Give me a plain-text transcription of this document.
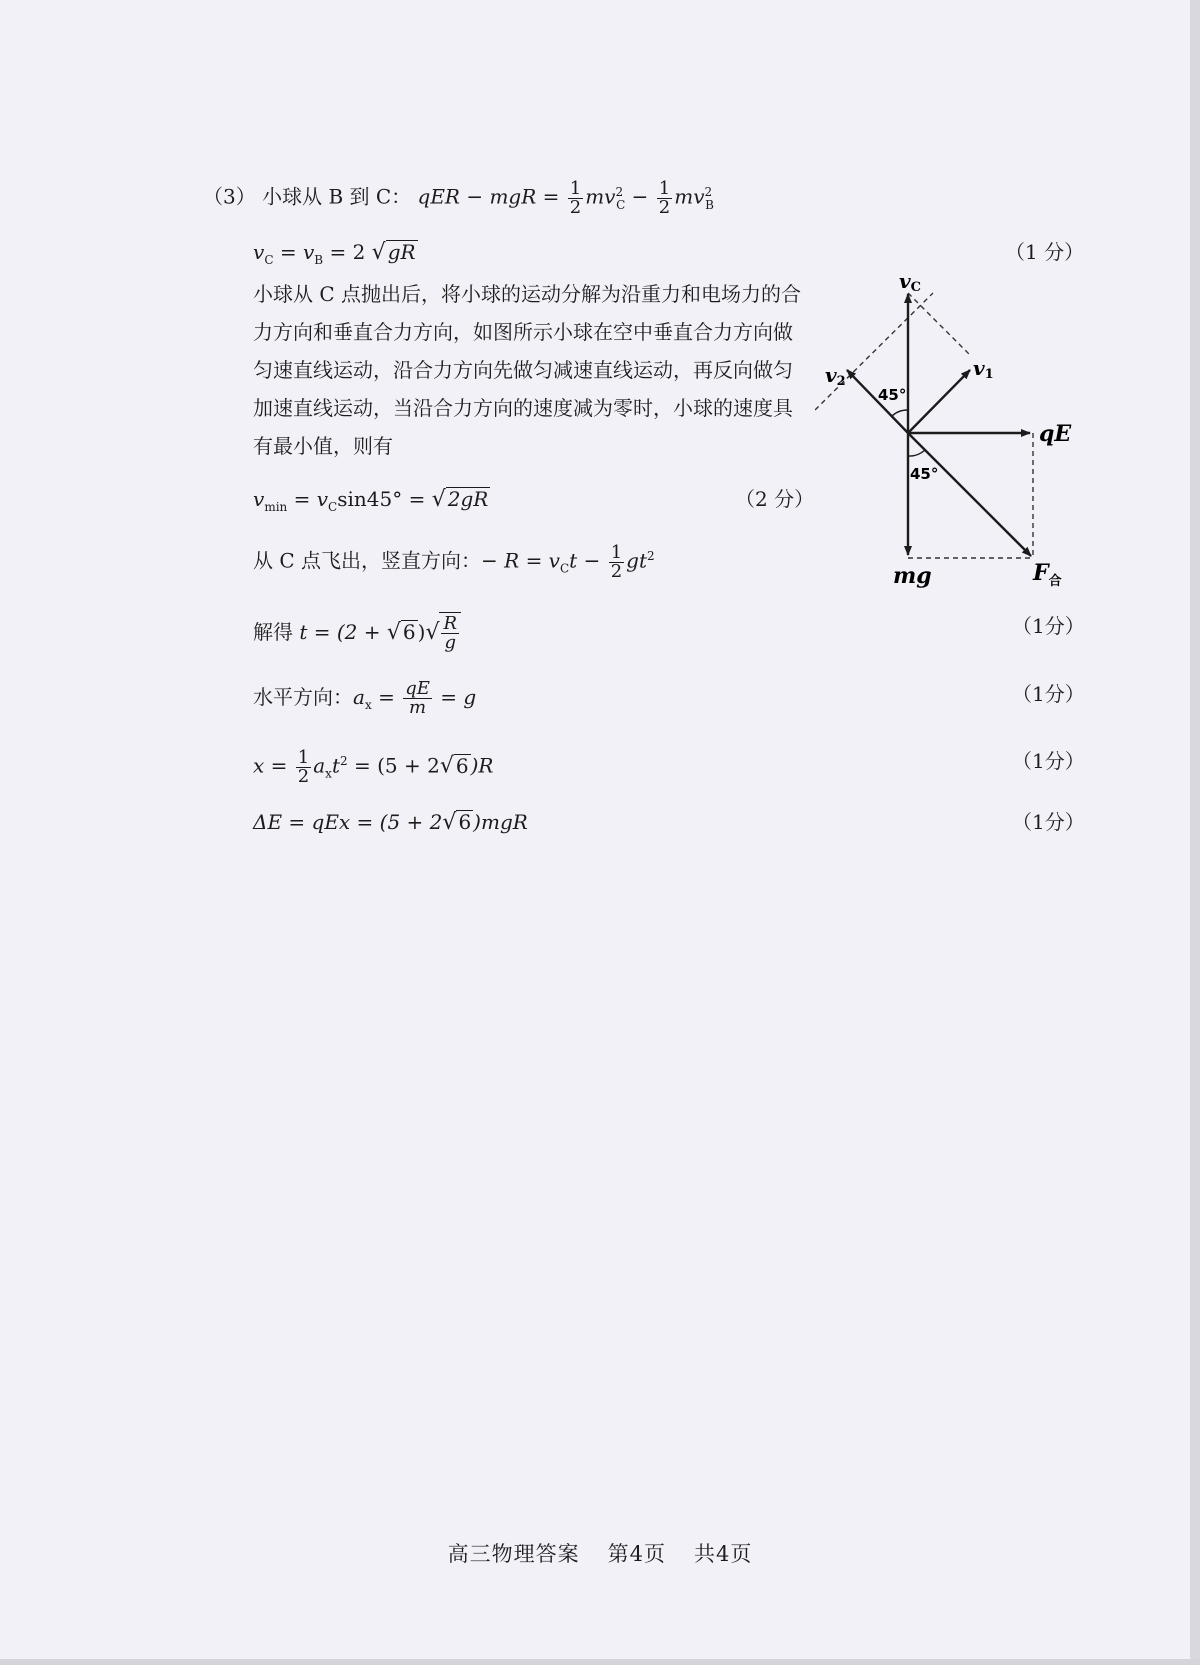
（3） 小球从 B 到 C： qER − mgR = $\frac{1}{2} mv^2_C - \frac{1}{2} mv^2_B$
$v_C = v_B = 2$ √ gR	（1 分）
小球从 C 点抛出后，将小球的运动分解为沿重力和电场力的合力方向和垂直合力方向，如图所示小球在空中垂直合力方向做匀速直线运动，沿合力方向先做匀减速直线运动，再反向做匀加速直线运动，当沿合力方向的速度减为零时，小球的速度具有最小值，则有
$v_{min} = v_C\sin 45^\circ$ = √ 2gR	（2 分）
从 C 点飞出，竖直方向：− $R = v_Ct - \frac{1}{2} gt^2$
解得 t = (2 + √ 6 )√ $\frac{R}{g}$	（1分）
水平方向：$a_x = \frac{qE}{m} = g$	（1分）
$x = \frac{1}{2} a_xt^2 = (5 + 2√$ 6 )R	（1分）
ΔE = qEx = (5 + 2√ 6 )mgR	（1分）
vC
v1
v2
qE
mg	$F_合$
45°
45°
高三物理答案 第4页 共4页
